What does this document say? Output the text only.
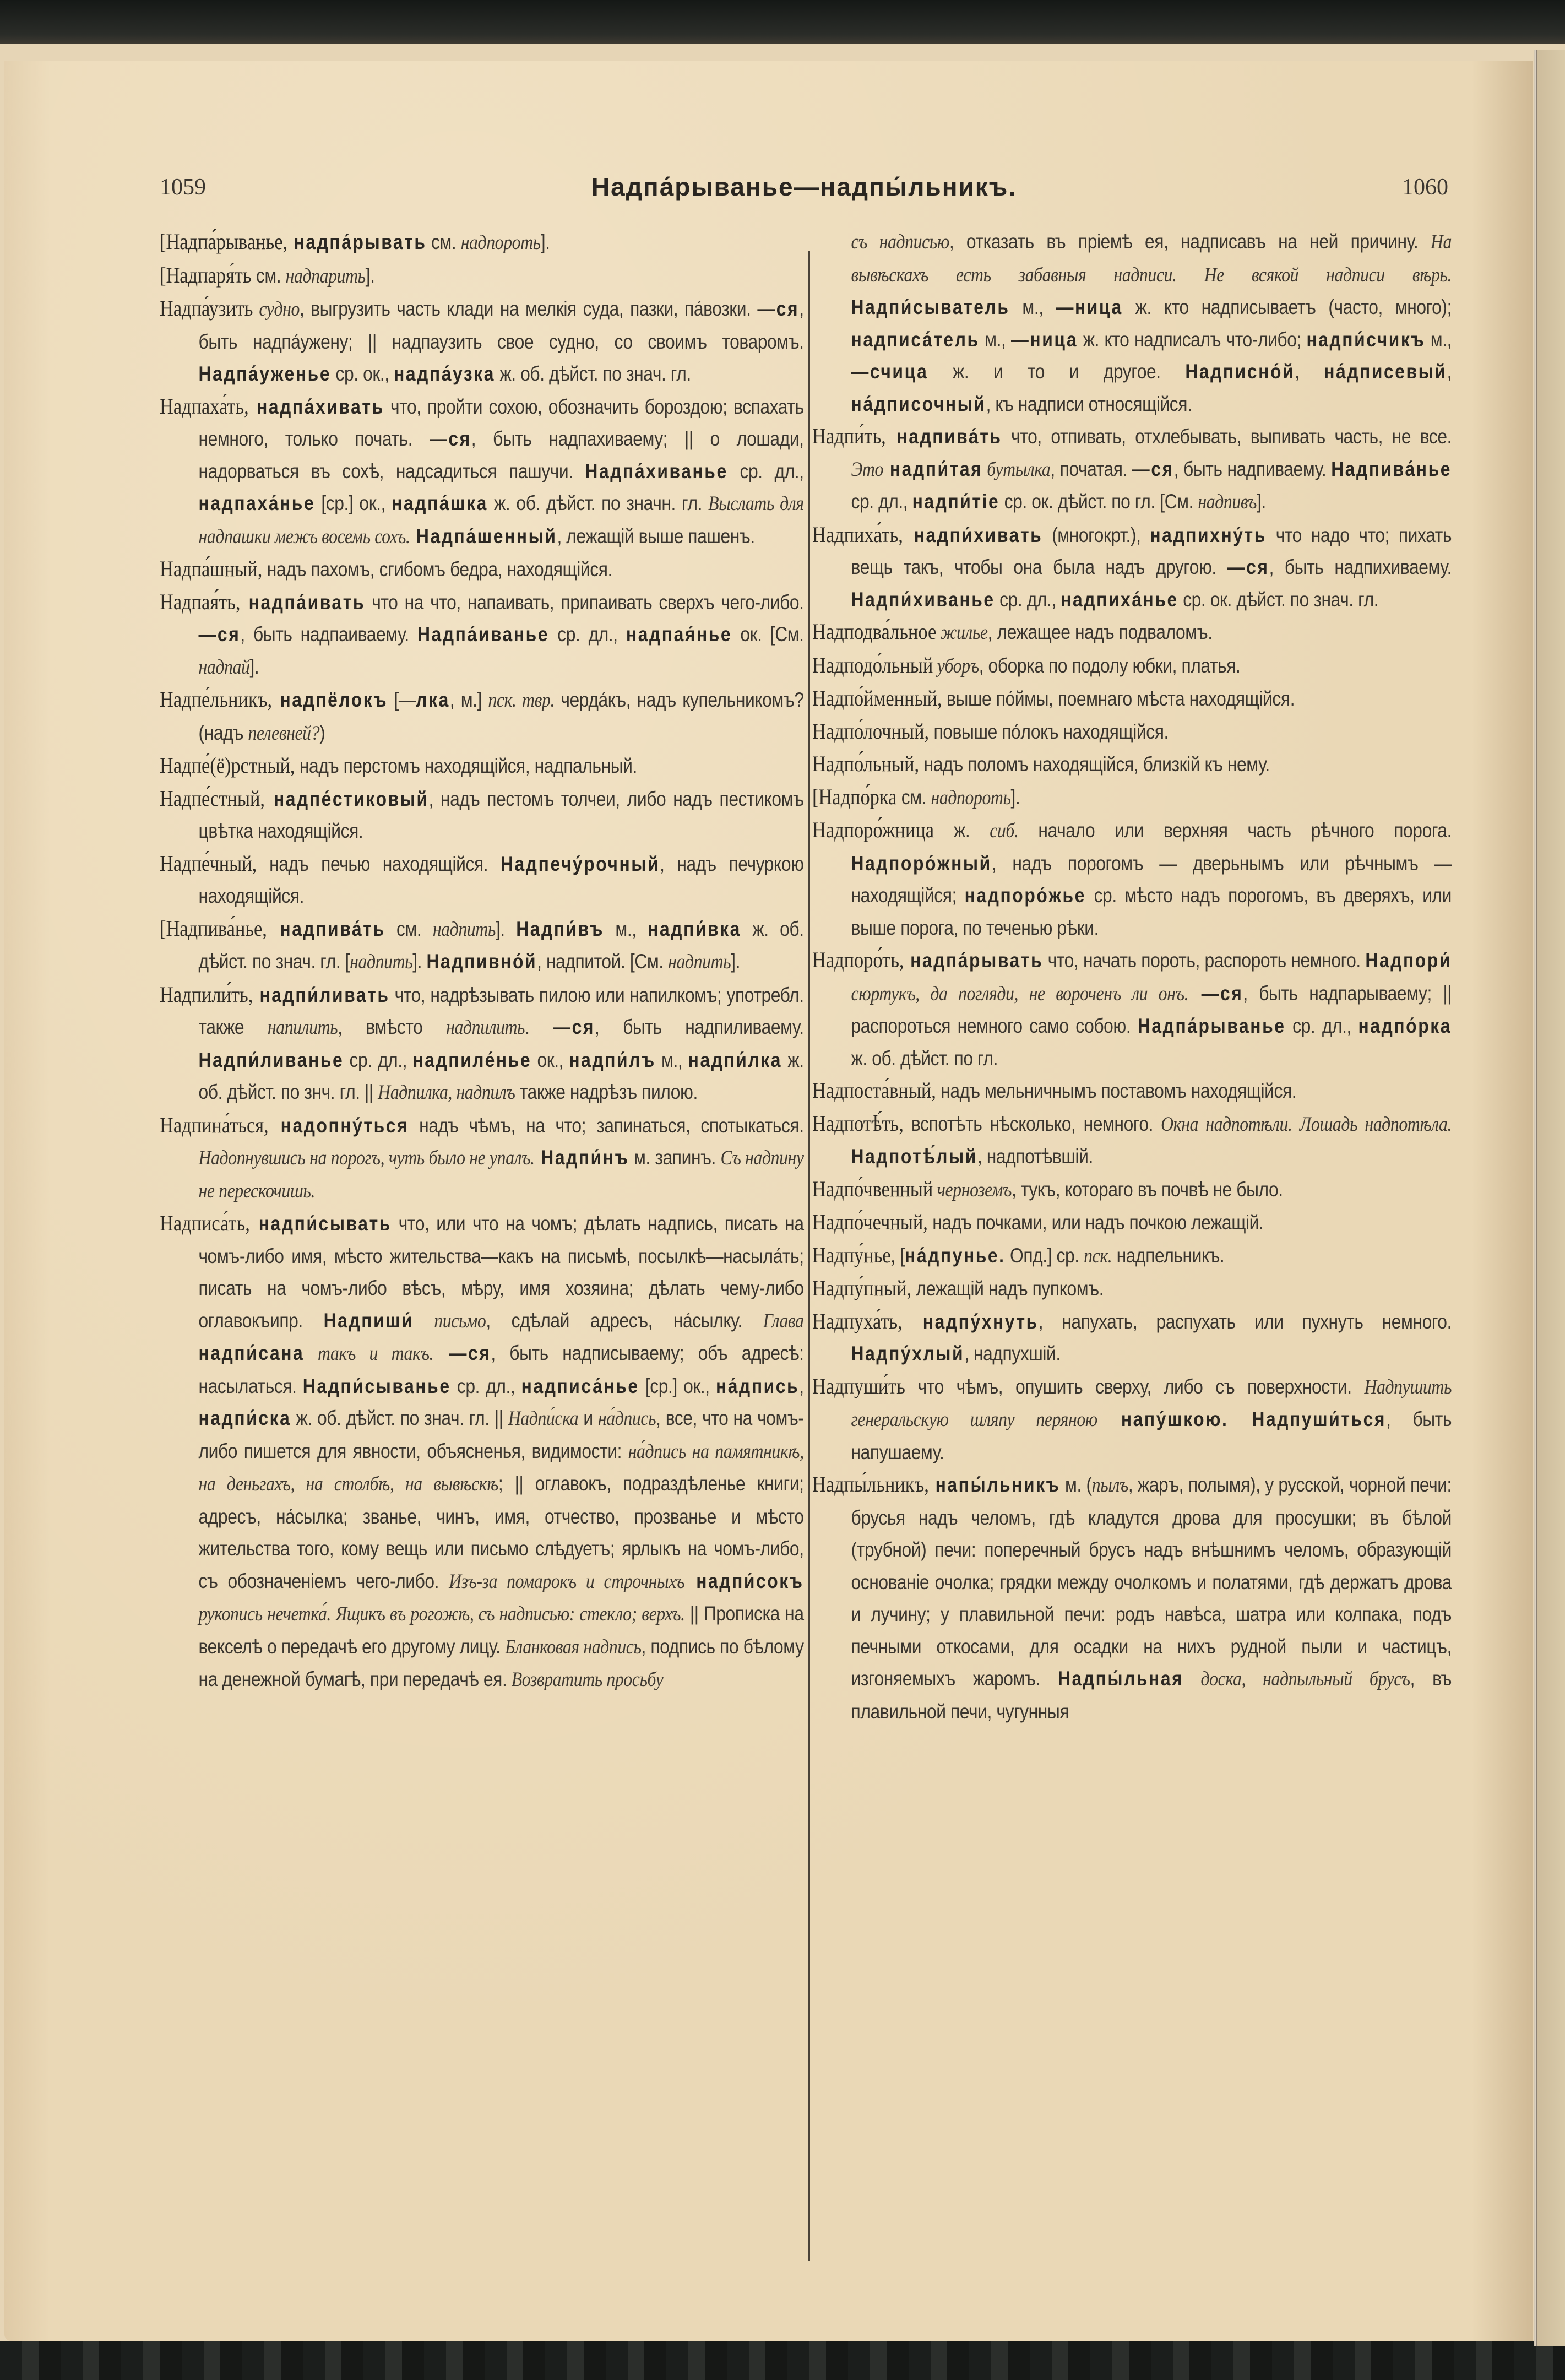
1059	Надпа́рыванье—надпы́льникъ.	1060

[Надпа́рыванье, надпа́рывать см. надпороть].

[Надпаря́ть см. надпарить].

Надпа́узить судно, выгрузить часть клади на мелкія суда, пазки, па́возки. —ся, быть надпа́уженy; || надпаузить свое судно, со своимъ товаромъ. Надпа́уженье ср. ок., надпа́узка ж. об. дѣйст. по знач. гл.

Надпаха́ть, надпа́хивать что, пройти сохою, обозначить бороздою; вспахать немного, только почать. —ся, быть надпахиваему; || о лошади, надорваться въ сохѣ, надсадиться пашучи. Надпа́хиванье ср. дл., надпаха́нье [ср.] ок., надпа́шка ж. об. дѣйст. по значн. гл. Выслать для надпашки межъ восемь сохъ. Надпа́шенный, лежащій выше пашенъ.

Надпа́шный, надъ пахомъ, сгибомъ бедра, находящійся.

Надпая́ть, надпа́ивать что на что, напаивать, припаивать сверхъ чего-либо. —ся, быть надпаиваему. Надпа́иванье ср. дл., надпая́нье ок. [См. надпай].

Надпе́льникъ, надпёлокъ [—лка, м.] пск. твр. черда́къ, надъ купельникомъ? (надъ пелевней?)

Надпе́(ё)рстный, надъ перстомъ находящійся, надпальный.

Надпе́стный, надпе́стиковый, надъ пестомъ толчеи, либо надъ пестикомъ цвѣтка находящійся.

Надпе́чный, надъ печью находящійся. Надпечу́рочный, надъ печуркою находящійся.

[Надпива́нье, надпива́ть см. надпить]. Надпи́въ м., надпи́вка ж. об. дѣйст. по знач. гл. [надпить]. Надпивно́й, надпитой. [См. надпить].

Надпили́ть, надпи́ливать что, надрѣзывать пилою или напилкомъ; употребл. также напилить, вмѣсто надпилить. —ся, быть надпиливаему. Надпи́ливанье ср. дл., надпиле́нье ок., надпи́лъ м., надпи́лка ж. об. дѣйст. по знч. гл. || Надпилка, надпилъ также надрѣзъ пилою.

Надпина́ться, надопну́ться надъ чѣмъ, на что; запинаться, спотыкаться. Надопнувшись на порогъ, чуть было не упалъ. Надпи́нъ м. запинъ. Съ надпину не перескочишь.

Надписа́ть, надпи́сывать что, или что на чомъ; дѣлать надпись, писать на чомъ-либо имя, мѣсто жительства—какъ на письмѣ, посылкѣ—насыла́ть; писать на чомъ-либо вѣсъ, мѣру, имя хозяина; дѣлать чему-либо оглавокъипр. Надпиши́ письмо, сдѣлай адресъ, на́сылку. Глава надпи́сана такъ и такъ. —ся, быть надписываему; объ адресѣ: насылаться. Надпи́сыванье ср. дл., надписа́нье [ср.] ок., на́дпись, надпи́ска ж. об. дѣйст. по знач. гл. || Надпи́ска и на́дпись, все, что на чомъ-либо пишется для явности, объясненья, видимости: на́дпись на памятникѣ, на деньгахъ, на столбѣ, на вывѣскѣ; || оглавокъ, подраздѣленье книги; адресъ, на́сылка; званье, чинъ, имя, отчество, прозванье и мѣсто жительства того, кому вещь или письмо слѣдуетъ; ярлыкъ на чомъ-либо, съ обозначеніемъ чего-либо. Изъ-за помарокъ и строчныхъ надпи́сокъ рукопись нечетка́. Ящикъ въ рогожѣ, съ надписью: стекло; верхъ. || Прописка на векселѣ о передачѣ его другому лицу. Бланковая надпись, подпись по бѣлому на денежной бумагѣ, при передачѣ ея. Возвратить просьбу

съ надписью, отказать въ пріемѣ ея, надписавъ на ней причину. На вывѣскахъ есть забавныя надписи. Не всякой надписи вѣрь. Надпи́сыватель м., —ница ж. кто надписываетъ (часто, много); надписа́тель м., —ница ж. кто надписалъ что-либо; надпи́счикъ м., —счица ж. и то и другое. Надписно́й, на́дписевый, на́дписочный, къ надписи относящійся.

Надпи́ть, надпива́ть что, отпивать, отхлебывать, выпивать часть, не все. Это надпи́тая бутылка, початая. —ся, быть надпиваему. Надпива́нье ср. дл., надпи́тіе ср. ок. дѣйст. по гл. [См. надпивъ].

Надпиха́ть, надпи́хивать (многокрт.), надпихну́ть что надо что; пихать вещь такъ, чтобы она была надъ другою. —ся, быть надпихиваему. Надпи́хиванье ср. дл., надпиха́нье ср. ок. дѣйст. по знач. гл.

Надподва́льное жилье, лежащее надъ подваломъ.

Надподо́льный уборъ, оборка по подолу юбки, платья.

Надпо́йменный, выше по́ймы, поемнаго мѣста находящійся.

Надпо́лочный, повыше по́локъ находящійся.

Надпо́льный, надъ поломъ находящійся, близкій къ нему.

[Надпо́рка см. надпороть].

Надпоро́жница ж. сиб. начало или верхняя часть рѣчного порога. Надпоро́жный, надъ порогомъ — дверьнымъ или рѣчнымъ — находящійся; надпоро́жье ср. мѣсто надъ порогомъ, въ дверяхъ, или выше порога, по теченью рѣки.

Надпоро́ть, надпа́рывать что, начать пороть, распороть немного. Надпори́ сюртукъ, да погляди, не вороченъ ли онъ. —ся, быть надпарываему; || распороться немного само собою. Надпа́рыванье ср. дл., надпо́рка ж. об. дѣйст. по гл.

Надпоста́вный, надъ мельничнымъ поставомъ находящійся.

Надпотѣ́ть, вспотѣть нѣсколько, немного. Окна надпотѣли. Лошадь надпотѣла. Надпотѣ́лый, надпотѣвшій.

Надпо́чвенный черноземъ, тукъ, котораго въ почвѣ не было.

Надпо́чечный, надъ почками, или надъ почкою лежащій.

Надпу́нье, [на́дпунье. Опд.] ср. пск. надпельникъ.

Надпу́пный, лежащій надъ пупкомъ.

Надпуха́ть, надпу́хнуть, напухать, распухать или пухнуть немного. Надпу́хлый, надпухшій.

Надпуши́ть что чѣмъ, опушить сверху, либо съ поверхности. Надпушить генеральскую шляпу перяною напу́шкою. Надпуши́ться, быть напушаему.

Надпы́льникъ, напы́льникъ м. (пылъ, жаръ, полымя), у русской, чорной печи: брусья надъ челомъ, гдѣ кладутся дрова для просушки; въ бѣлой (трубной) печи: поперечный брусъ надъ внѣшнимъ челомъ, образующій основаніе очолка; грядки между очолкомъ и полатями, гдѣ держатъ дрова и лучину; у плавильной печи: родъ навѣса, шатра или колпака, подъ печными откосами, для осадки на нихъ рудной пыли и частицъ, изгоняемыхъ жаромъ. Надпы́льная доска, надпыльный брусъ, въ плавильной печи, чугунныя
